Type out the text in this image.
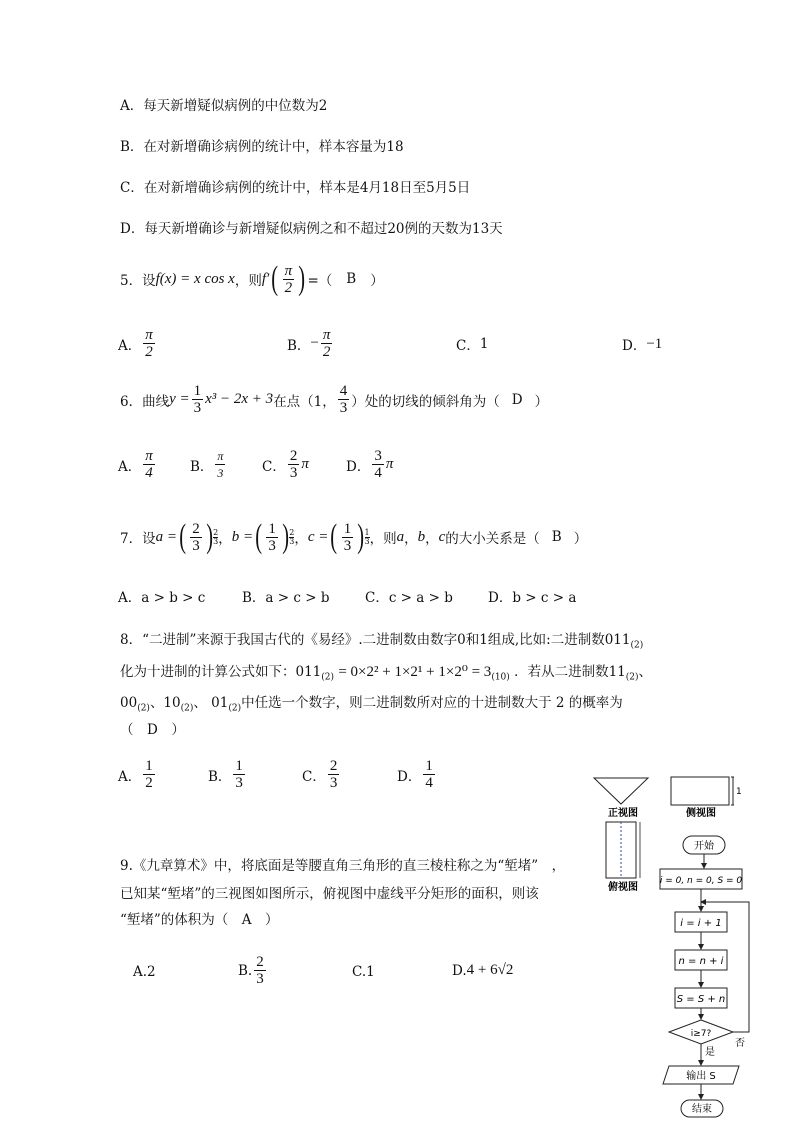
A．每天新增疑似病例的中位数为2
B．在对新增确诊病例的统计中，样本容量为18
C．在对新增确诊病例的统计中，样本是4月18日至5月5日
D．每天新增确诊与新增疑似病例之和不超过20例的天数为13天
5．设 f(x) = x cos x ，则 f′ ( $\frac{\pi}{2}$ ) =（ B ）
A． $\frac{\pi}{2}$	B． − $\frac{\pi}{2}$	C． 1	D． −1
6．曲线 $y = \frac{1}{3} x^3 - 2x + 3$ 在点（1， $\frac{4}{3}$ ）处的切线的倾斜角为（ D ）
A． $\frac{\pi}{4}$	B． $\frac{\pi}{3}$	C． $\frac{2}{3}$ π	D． $\frac{3}{4}$ π
7．设 a = ( $\frac{2}{3}$ ) 2
3 ， b = ( $\frac{1}{3}$ ) 2
3 ， c = ( $\frac{1}{3}$ ) 1
3 ，则 a ， b ， c 的大小关系是（ B ）
A．a > b > c	B．a > c > b	C．c > a > b	D．b > c > a
8．“二进制”来源于我国古代的《易经》.二进制数由数字0和1组成,比如:二进制数$011_{(2)}$
化为十进制的计算公式如下：$011_{(2)} = 0\times 2^2 + 1\times 2^1 + 1\times 2^0 = 3_{(10)}$ ．若从二进制数$11_{(2)}$、
$00_{(2)}$、$10_{(2)}$、 $01_{(2)}$中任选一个数字，则二进制数所对应的十进制数大于 2 的概率为
（　D　）
A． $\frac{1}{2}$	B． $\frac{1}{3}$	C． $\frac{2}{3}$	D． $\frac{1}{4}$
9.《九章算术》中，将底面是等腰直角三角形的直三棱柱称之为“堑堵”　，
已知某“堑堵”的三视图如图所示，俯视图中虚线平分矩形的面积，则该
“堑堵”的体积为（　A　）
A. 2	B. $\frac{2}{3}$	C. 1	D. 4 + 6√2
1
正视图	侧视图
俯视图
开始
i = 0, n = 0, S = 0
i = i + 1
n = n + i
S = S + n
i≥7?
否
是
输出 S
结束
